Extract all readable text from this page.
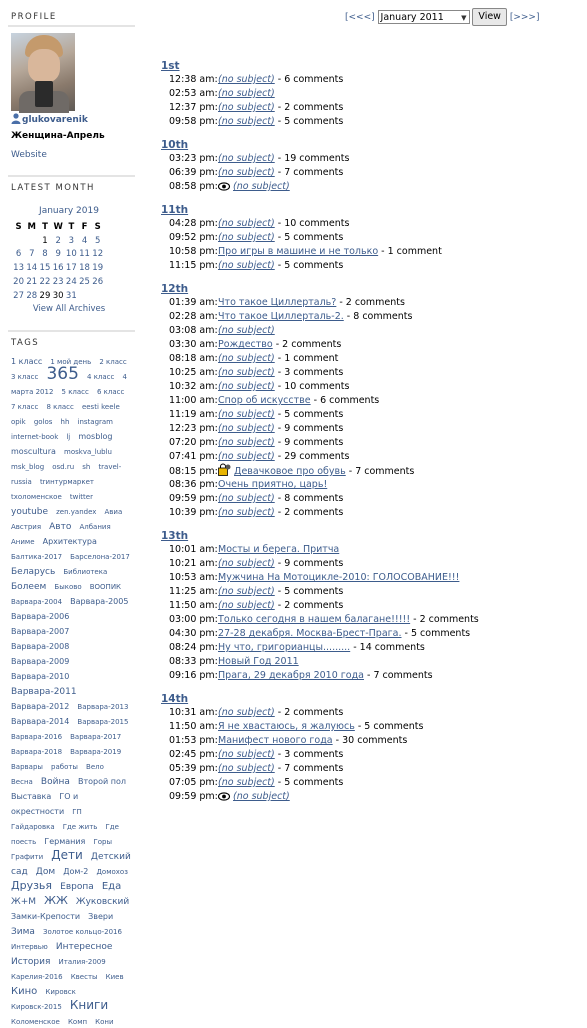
PROFILE
glukovarenik
Женщина-Апрель
Website
LATEST MONTH
January 2019
S	M	T	W	T	F	S
		1	2	3	4	5
6	7	8	9	10	11	12
13	14	15	16	17	18	19
20	21	22	23	24	25	26
27	28	29	30	31		
View All Archives
TAGS
1 класс 1 мой день 2 класс 3 класс 365 4 класс 4 марта 2012 5 класс 6 класс 7 класс 8 класс eesti keele opik golos hh instagram internet-book lj mosblog moscultura moskva_lublu msk_blog osd.ru sh travel-russia trинтурмаркет tхоломенское twitter youtube zen.yandex Авиа Австрия Авто Албания Аниме Архитектура Балтика-2017 Барселона-2017 Беларусь Библиотека Болеем Быково ВООПИК Варвара-2004 Варвара-2005 Варвара-2006 Варвара-2007 Варвара-2008 Варвара-2009 Варвара-2010 Варвара-2011 Варвара-2012 Варвара-2013 Варвара-2014 Варвара-2015 Варвара-2016 Варвара-2017 Варвара-2018 Варвара-2019 Варвары работы Вело Весна Война Второй пол Выставка ГО и окрестности ГП Гайдаровка Где жить Где поесть Германия Горы Графити Дети Детский сад Дом Дом-2 Домохоз Друзья Европа Еда Ж+М ЖЖ Жуковский Замки-Крепости Звери Зима Золотое кольцо-2016 Интервью Интересное История Италия-2009 Карелия-2016 Квесты Киев Кино Кировск Кировск-2015 Книги Коломенское Комп Кони
[<<<] January 2011 ▼ View [>>>]
1st
12:38 am: (no subject) - 6 comments
02:53 am: (no subject)
12:37 pm: (no subject) - 2 comments
09:58 pm: (no subject) - 5 comments
10th
03:23 pm: (no subject) - 19 comments
06:39 pm: (no subject) - 7 comments
08:58 pm: (no subject)
11th
04:28 pm: (no subject) - 10 comments
09:52 pm: (no subject) - 5 comments
10:58 pm: Про игры в машине и не только - 1 comment
11:15 pm: (no subject) - 5 comments
12th
01:39 am: Что такое Циллерталь? - 2 comments
02:28 am: Что такое Циллерталь-2. - 8 comments
03:08 am: (no subject)
03:30 am: Рождество - 2 comments
08:18 am: (no subject) - 1 comment
10:25 am: (no subject) - 3 comments
10:32 am: (no subject) - 10 comments
11:00 am: Спор об искусстве - 6 comments
11:19 am: (no subject) - 5 comments
12:23 pm: (no subject) - 9 comments
07:20 pm: (no subject) - 9 comments
07:41 pm: (no subject) - 29 comments
08:15 pm: Девачковое про обувь - 7 comments
08:36 pm: Очень приятно, царь!
09:59 pm: (no subject) - 8 comments
10:39 pm: (no subject) - 2 comments
13th
10:01 am: Мосты и берега. Притча
10:21 am: (no subject) - 9 comments
10:53 am: Мужчина На Мотоцикле-2010: ГОЛОСОВАНИЕ!!!
11:25 am: (no subject) - 5 comments
11:50 am: (no subject) - 2 comments
03:00 pm: Только сегодня в нашем балагане!!!!! - 2 comments
04:30 pm: 27-28 декабря. Москва-Брест-Прага. - 5 comments
08:24 pm: Ну что, григорианцы......... - 14 comments
08:33 pm: Новый Год 2011
09:16 pm: Прага, 29 декабря 2010 года - 7 comments
14th
10:31 am: (no subject) - 2 comments
11:50 am: Я не хвастаюсь, я жалуюсь - 5 comments
01:53 pm: Манифест нового года - 30 comments
02:45 pm: (no subject) - 3 comments
05:39 pm: (no subject) - 7 comments
07:05 pm: (no subject) - 5 comments
09:59 pm: (no subject)
